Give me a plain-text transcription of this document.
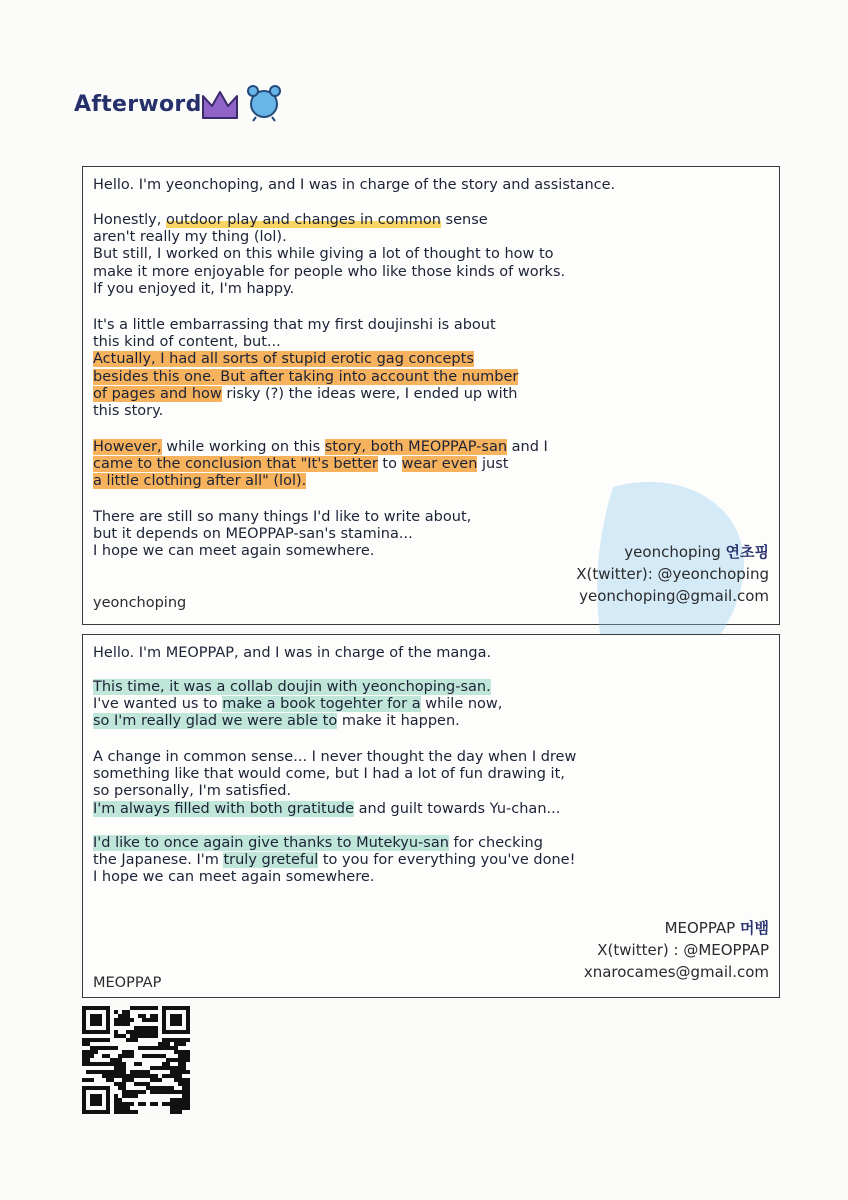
Afterword
Hello. I'm yeonchoping, and I was in charge of the story and assistance.
Honestly, outdoor play and changes in common sense
aren't really my thing (lol).
But still, I worked on this while giving a lot of thought to how to
make it more enjoyable for people who like those kinds of works.
If you enjoyed it, I'm happy.
It's a little embarrassing that my first doujinshi is about
this kind of content, but...
Actually, I had all sorts of stupid erotic gag concepts
besides this one. But after taking into account the number
of pages and how risky (?) the ideas were, I ended up with
this story.
However, while working on this story, both MEOPPAP-san and I
came to the conclusion that "It's better to wear even just
a little clothing after all" (lol).
There are still so many things I'd like to write about,
but it depends on MEOPPAP-san's stamina...
I hope we can meet again somewhere.	yeonchoping 연초핑
X(twitter): @yeonchoping
yeonchoping@gmail.com
yeonchoping
Hello. I'm MEOPPAP, and I was in charge of the manga.
This time, it was a collab doujin with yeonchoping-san.
I've wanted us to make a book togehter for a while now,
so I'm really glad we were able to make it happen.
A change in common sense... I never thought the day when I drew
something like that would come, but I had a lot of fun drawing it,
so personally, I'm satisfied.
I'm always filled with both gratitude and guilt towards Yu-chan...
I'd like to once again give thanks to Mutekyu-san for checking
the Japanese. I'm truly greteful to you for everything you've done!
I hope we can meet again somewhere.
MEOPPAP 머뱀
X(twitter) : @MEOPPAP
xnarocames@gmail.com
MEOPPAP
